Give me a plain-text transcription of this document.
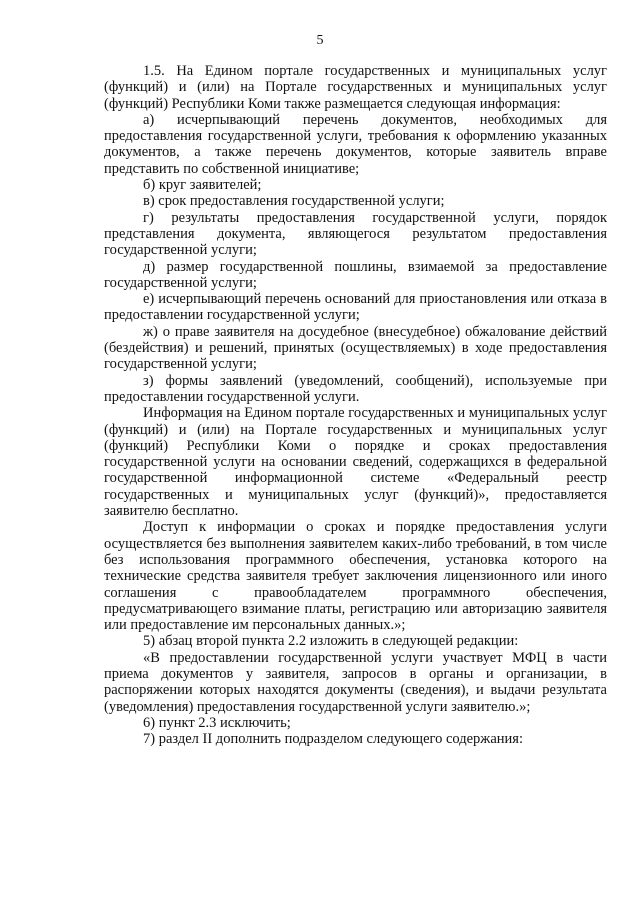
5

1.5. На Едином портале государственных и муниципальных услуг (функций) и (или) на Портале государственных и муниципальных услуг (функций) Республики Коми также размещается следующая информация:

а) исчерпывающий перечень документов, необходимых для предоставления государственной услуги, требования к оформлению указанных документов, а также перечень документов, которые заявитель вправе представить по собственной инициативе;

б) круг заявителей;

в) срок предоставления государственной услуги;

г) результаты предоставления государственной услуги, порядок представления документа, являющегося результатом предоставления государственной услуги;

д) размер государственной пошлины, взимаемой за предоставление государственной услуги;

е) исчерпывающий перечень оснований для приостановления или отказа в предоставлении государственной услуги;

ж) о праве заявителя на досудебное (внесудебное) обжалование действий (бездействия) и решений, принятых (осуществляемых) в ходе предоставления государственной услуги;

з) формы заявлений (уведомлений, сообщений), используемые при предоставлении государственной услуги.

Информация на Едином портале государственных и муниципальных услуг (функций) и (или) на Портале государственных и муниципальных услуг (функций) Республики Коми о порядке и сроках предоставления государственной услуги на основании сведений, содержащихся в федеральной государственной информационной системе «Федеральный реестр государственных и муниципальных услуг (функций)», предоставляется заявителю бесплатно.

Доступ к информации о сроках и порядке предоставления услуги осуществляется без выполнения заявителем каких-либо требований, в том числе без использования программного обеспечения, установка которого на технические средства заявителя требует заключения лицензионного или иного соглашения с правообладателем программного обеспечения, предусматривающего взимание платы, регистрацию или авторизацию заявителя или предоставление им персональных данных.»;

5) абзац второй пункта 2.2 изложить в следующей редакции:

«В предоставлении государственной услуги участвует МФЦ в части приема документов у заявителя, запросов в органы и организации, в распоряжении которых находятся документы (сведения), и выдачи результата (уведомления) предоставления государственной услуги заявителю.»;

6) пункт 2.3 исключить;

7) раздел II дополнить подразделом следующего содержания:
